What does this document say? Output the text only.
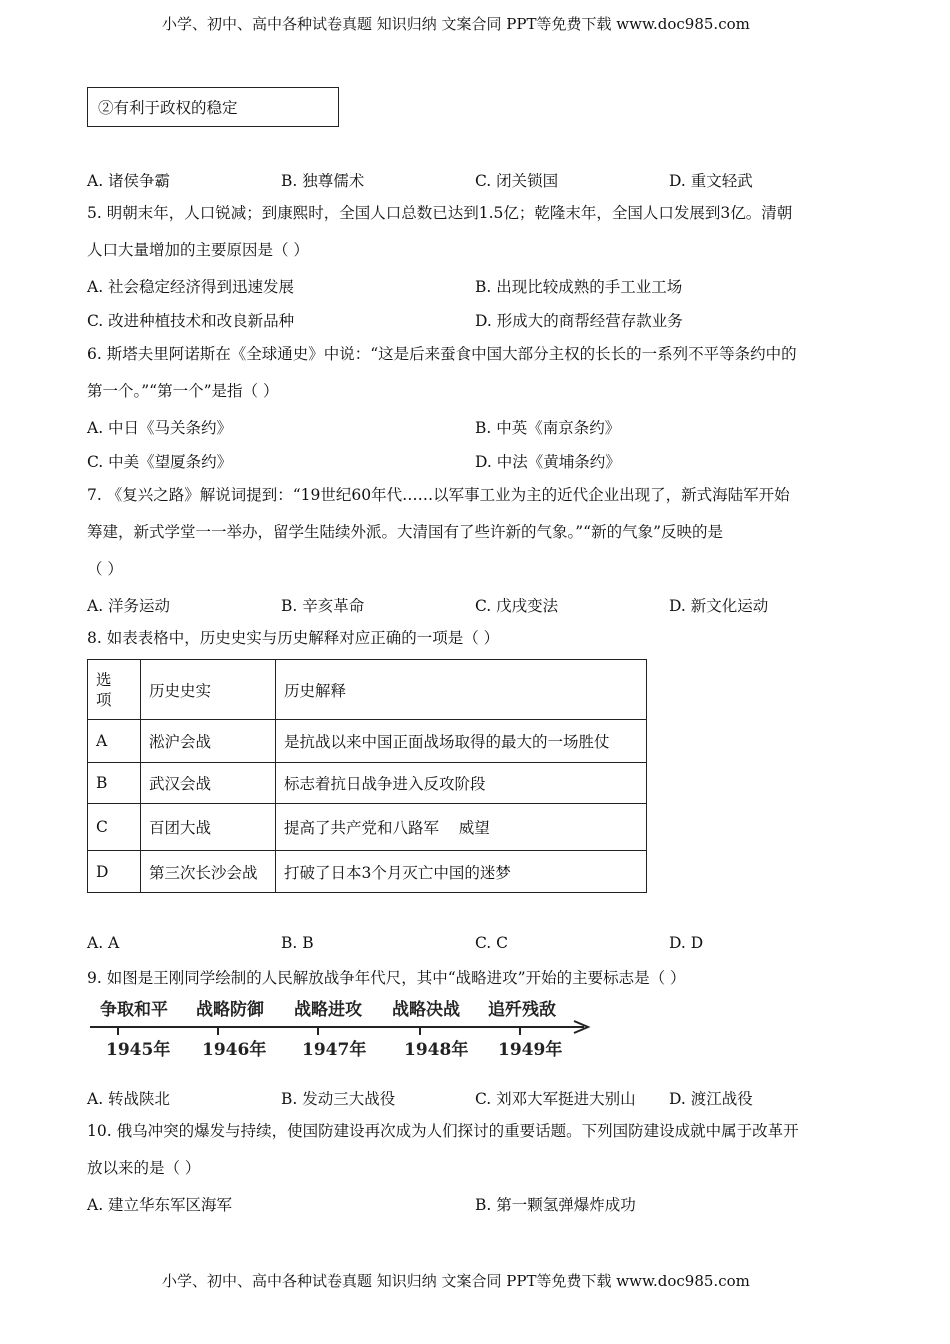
小学、初中、高中各种试卷真题 知识归纳 文案合同 PPT等免费下载 www.doc985.com
②有利于政权的稳定
A. 诸侯争霸	B. 独尊儒术	C. 闭关锁国	D. 重文轻武
5. 明朝末年，人口锐减；到康熙时，全国人口总数已达到1.5亿；乾隆末年，全国人口发展到3亿。清朝
人口大量增加的主要原因是（ ）
A. 社会稳定经济得到迅速发展	B. 出现比较成熟的手工业工场
C. 改进种植技术和改良新品种	D. 形成大的商帮经营存款业务
6. 斯塔夫里阿诺斯在《全球通史》中说：“这是后来蚕食中国大部分主权的长长的一系列不平等条约中的
第一个。”“第一个”是指（ ）
A. 中日《马关条约》	B. 中英《南京条约》
C. 中美《望厦条约》	D. 中法《黄埔条约》
7. 《复兴之路》解说词提到：“19世纪60年代……以军事工业为主的近代企业出现了，新式海陆军开始
筹建，新式学堂一一举办，留学生陆续外派。大清国有了些许新的气象。”“新的气象”反映的是
（ ）
A. 洋务运动	B. 辛亥革命	C. 戊戌变法	D. 新文化运动
8. 如表表格中，历史史实与历史解释对应正确的一项是（ ）
选项	历史史实	历史解释
A	淞沪会战	是抗战以来中国正面战场取得的最大的一场胜仗
B	武汉会战	标志着抗日战争进入反攻阶段
C	百团大战	提高了共产党和八路军    威望
D	第三次长沙会战	打破了日本3个月灭亡中国的迷梦
A. A	B. B	C. C	D. D
9. 如图是王刚同学绘制的人民解放战争年代尺，其中“战略进攻”开始的主要标志是（ ）
争取和平 战略防御 战略进攻 战略决战 追歼残敌
1945年 1946年 1947年 1948年 1949年
A. 转战陕北	B. 发动三大战役	C. 刘邓大军挺进大别山 D. 渡江战役
10. 俄乌冲突的爆发与持续，使国防建设再次成为人们探讨的重要话题。下列国防建设成就中属于改革开
放以来的是（ ）
A. 建立华东军区海军	B. 第一颗氢弹爆炸成功
小学、初中、高中各种试卷真题 知识归纳 文案合同 PPT等免费下载 www.doc985.com
